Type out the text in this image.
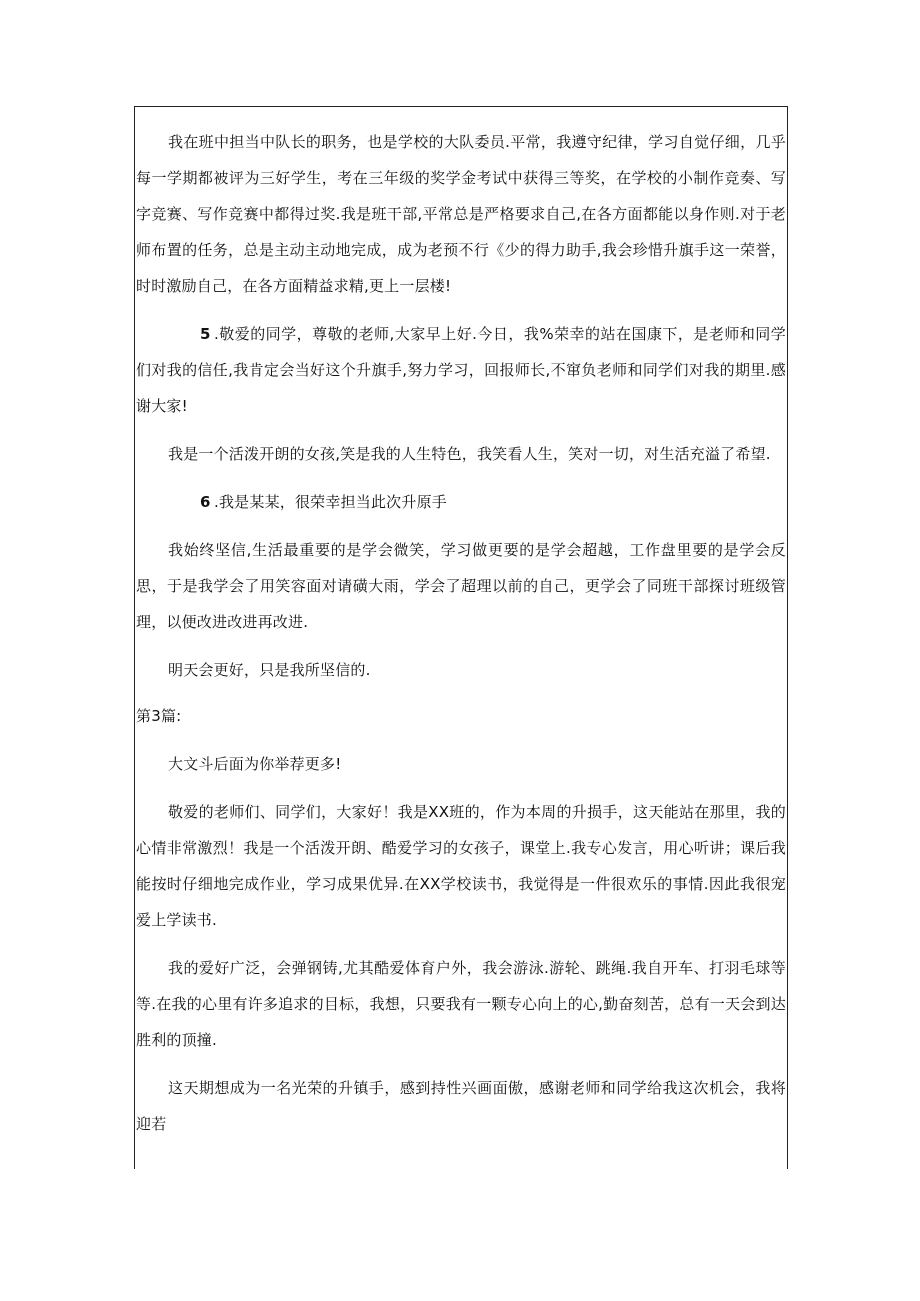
我在班中担当中队长的职务，也是学校的大队委员.平常，我遵守纪律，学习自觉仔细，几乎每一学期都被评为三好学生，考在三年级的奖学金考试中获得三等奖，在学校的小制作竞奏、写字竞赛、写作竞赛中都得过奖.我是班干部,平常总是严格要求自己,在各方面都能以身作则.对于老师布置的任务，总是主动主动地完成，成为老预不行《少的得力助手,我会珍惜升旗手这一荣誉，时时激励自己，在各方面精益求精,更上一层楼!

5 .敬爱的同学，尊敬的老师,大家早上好.今日，我%荣幸的站在国康下，是老师和同学们对我的信任,我肯定会当好这个升旗手,努力学习，回报师长,不窜负老师和同学们对我的期里.感谢大家!

我是一个活泼开朗的女孩,笑是我的人生特色，我笑看人生，笑对一切，对生活充溢了希望.

6 .我是某某，很荣幸担当此次升原手

我始终坚信,生活最重要的是学会微笑，学习做更要的是学会超越，工作盘里要的是学会反思，于是我学会了用笑容面对请磺大雨，学会了超理以前的自己，更学会了同班干部探讨班级管理，以便改进改进再改进.

明天会更好，只是我所坚信的.

第3篇:

大文斗后面为你举荐更多!

敬爱的老师们、同学们，大家好！我是XX班的，作为本周的升损手，这天能站在那里，我的心情非常激烈！我是一个活泼开朗、酷爱学习的女孩子，课堂上.我专心发言，用心听讲；课后我能按时仔细地完成作业，学习成果优异.在XX学校读书，我觉得是一件很欢乐的事情.因此我很宠爱上学读书.

我的爱好广泛，会弹钢铸,尤其酷爱体育户外，我会游泳.游轮、跳绳.我自开车、打羽毛球等等.在我的心里有许多追求的目标，我想，只要我有一颗专心向上的心,勤奋刻苦，总有一天会到达胜利的顶撞.

这天期想成为一名光荣的升镇手，感到持性兴画面傲，感谢老师和同学给我这次机会，我将迎若
